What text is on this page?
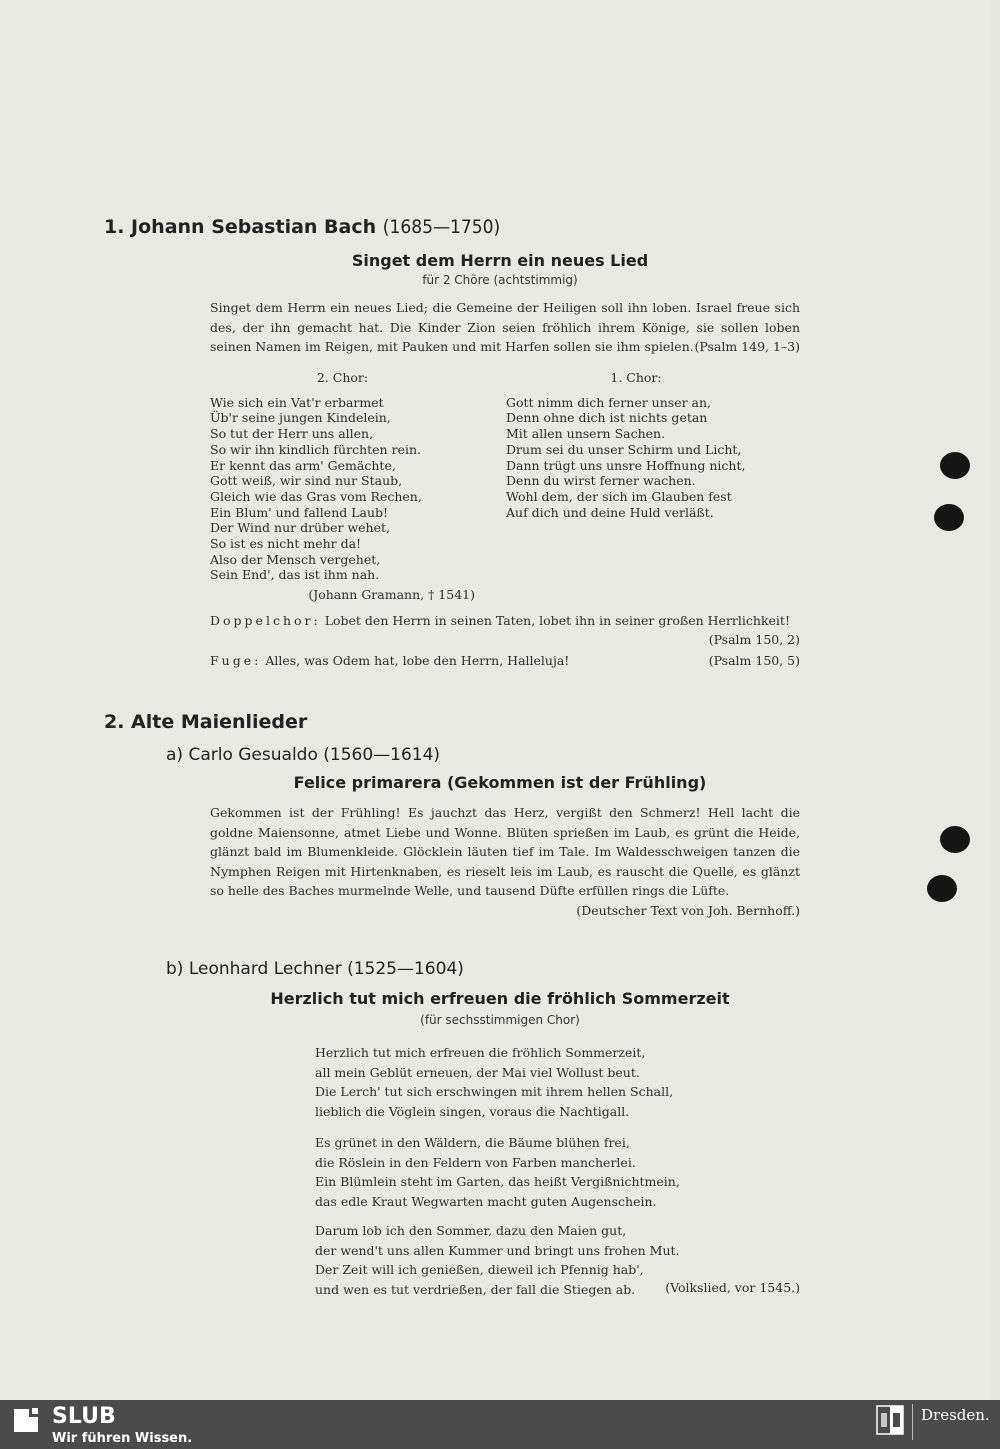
1. Johann Sebastian Bach (1685—1750)
Singet dem Herrn ein neues Lied
für 2 Chöre (achtstimmig)
Singet dem Herrn ein neues Lied; die Gemeine der Heiligen soll ihn loben. Israel freue sich des, der ihn gemacht hat. Die Kinder Zion seien fröhlich ihrem Könige, sie sollen loben seinen Namen im Reigen, mit Pauken und mit Harfen sollen sie ihm spielen. (Psalm 149, 1–3)
2. Chor:
Wie sich ein Vat'r erbarmet
Üb'r seine jungen Kindelein,
So tut der Herr uns allen,
So wir ihn kindlich fürchten rein.
Er kennt das arm' Gemächte,
Gott weiß, wir sind nur Staub,
Gleich wie das Gras vom Rechen,
Ein Blum' und fallend Laub!
Der Wind nur drüber wehet,
So ist es nicht mehr da!
Also der Mensch vergehet,
Sein End', das ist ihm nah.
(Johann Gramann, † 1541)
1. Chor:
Gott nimm dich ferner unser an,
Denn ohne dich ist nichts getan
Mit allen unsern Sachen.
Drum sei du unser Schirm und Licht,
Dann trügt uns unsre Hoffnung nicht,
Denn du wirst ferner wachen.
Wohl dem, der sich im Glauben fest
Auf dich und deine Huld verläßt.
Doppelchor: Lobet den Herrn in seinen Taten, lobet ihn in seiner großen Herrlichkeit!
(Psalm 150, 2)
Fuge: Alles, was Odem hat, lobe den Herrn, Halleluja!	(Psalm 150, 5)
2. Alte Maienlieder
a) Carlo Gesualdo (1560—1614)
Felice primarera (Gekommen ist der Frühling)
Gekommen ist der Frühling! Es jauchzt das Herz, vergißt den Schmerz! Hell lacht die goldne Maiensonne, atmet Liebe und Wonne. Blüten sprießen im Laub, es grünt die Heide, glänzt bald im Blumenkleide. Glöcklein läuten tief im Tale. Im Waldesschweigen tanzen die Nymphen Reigen mit Hirtenknaben, es rieselt leis im Laub, es rauscht die Quelle, es glänzt so helle des Baches murmelnde Welle, und tausend Düfte erfüllen rings die Lüfte.
(Deutscher Text von Joh. Bernhoff.)
b) Leonhard Lechner (1525—1604)
Herzlich tut mich erfreuen die fröhlich Sommerzeit
(für sechsstimmigen Chor)
Herzlich tut mich erfreuen die fröhlich Sommerzeit,
all mein Geblüt erneuen, der Mai viel Wollust beut.
Die Lerch' tut sich erschwingen mit ihrem hellen Schall,
lieblich die Vöglein singen, voraus die Nachtigall.
Es grünet in den Wäldern, die Bäume blühen frei,
die Röslein in den Feldern von Farben mancherlei.
Ein Blümlein steht im Garten, das heißt Vergißnichtmein,
das edle Kraut Wegwarten macht guten Augenschein.
Darum lob ich den Sommer, dazu den Maien gut,
der wend't uns allen Kummer und bringt uns frohen Mut.
Der Zeit will ich genießen, dieweil ich Pfennig hab',
und wen es tut verdrießen, der fall die Stiegen ab.	(Volkslied, vor 1545.)
SLUB
Wir führen Wissen.
Dresden.
